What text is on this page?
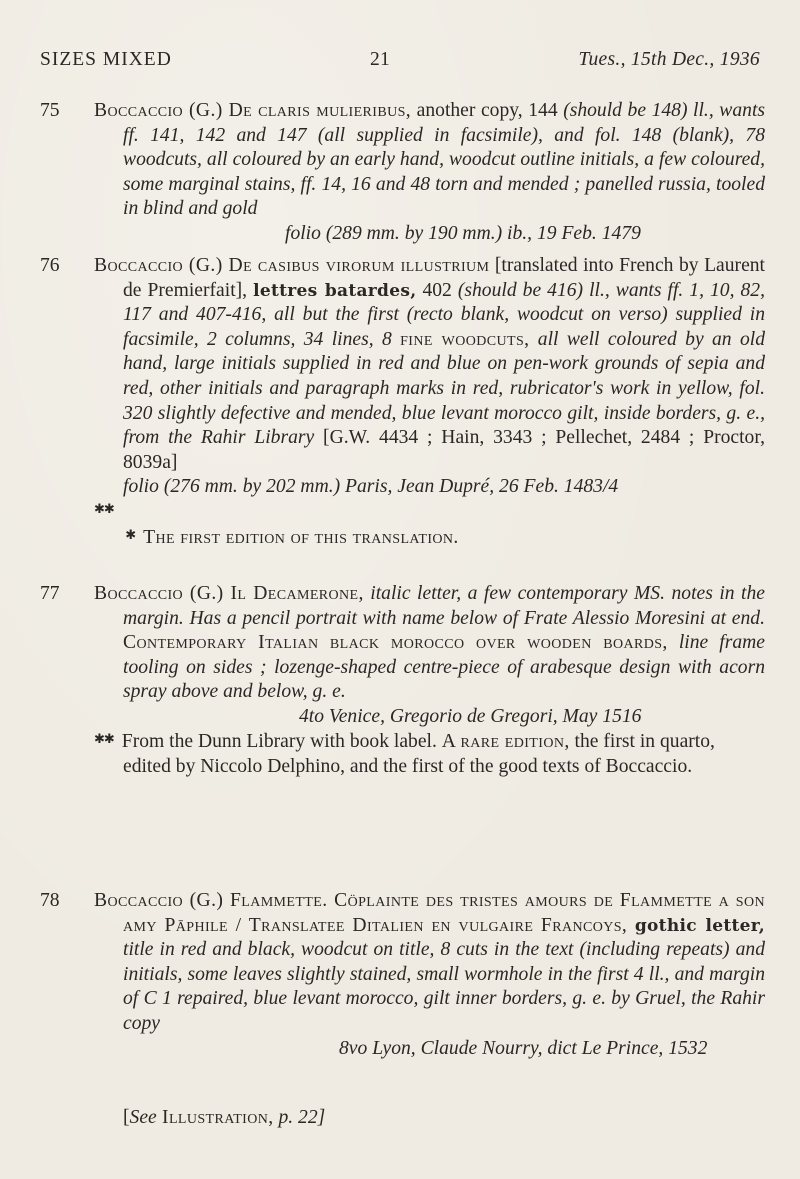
SIZES MIXED	21	Tues., 15th Dec., 1936
75	Boccaccio (G.) De claris mulieribus, another copy, 144 (should be 148) ll., wants ff. 141, 142 and 147 (all supplied in facsimile), and fol. 148 (blank), 78 woodcuts, all coloured by an early hand, woodcut outline initials, a few coloured, some marginal stains, ff. 14, 16 and 48 torn and mended ; panelled russia, tooled in blind and gold
folio (289 mm. by 190 mm.) ib., 19 Feb. 1479
76	Boccaccio (G.) De casibus virorum illustrium [translated into French by Laurent de Premierfait], lettres batardes, 402 (should be 416) ll., wants ff. 1, 10, 82, 117 and 407-416, all but the first (recto blank, woodcut on verso) supplied in facsimile, 2 columns, 34 lines, 8 fine woodcuts, all well coloured by an old hand, large initials supplied in red and blue on pen-work grounds of sepia and red, other initials and paragraph marks in red, rubricator's work in yellow, fol. 320 slightly defective and mended, blue levant morocco gilt, inside borders, g. e., from the Rahir Library [G.W. 4434 ; Hain, 3343 ; Pellechet, 2484 ; Proctor, 8039a]
folio (276 mm. by 202 mm.) Paris, Jean Dupré, 26 Feb. 1483/4
✱✱
✱ The first edition of this translation.
77	Boccaccio (G.) Il Decamerone, italic letter, a few contemporary MS. notes in the margin. Has a pencil portrait with name below of Frate Alessio Moresini at end. Contemporary Italian black morocco over wooden boards, line frame tooling on sides ; lozenge-shaped centre-piece of arabesque design with acorn spray above and below, g. e.
4to Venice, Gregorio de Gregori, May 1516
✱✱ From the Dunn Library with book label. A rare edition, the first in quarto, edited by Niccolo Delphino, and the first of the good texts of Boccaccio.
78	Boccaccio (G.) Flammette. Cöplainte des tristes amours de Flammette a son amy Pāphile / Translatee Ditalien en vulgaire Francoys, gothic letter, title in red and black, woodcut on title, 8 cuts in the text (including repeats) and initials, some leaves slightly stained, small wormhole in the first 4 ll., and margin of C 1 repaired, blue levant morocco, gilt inner borders, g. e. by Gruel, the Rahir copy
8vo Lyon, Claude Nourry, dict Le Prince, 1532
[See Illustration, p. 22]
